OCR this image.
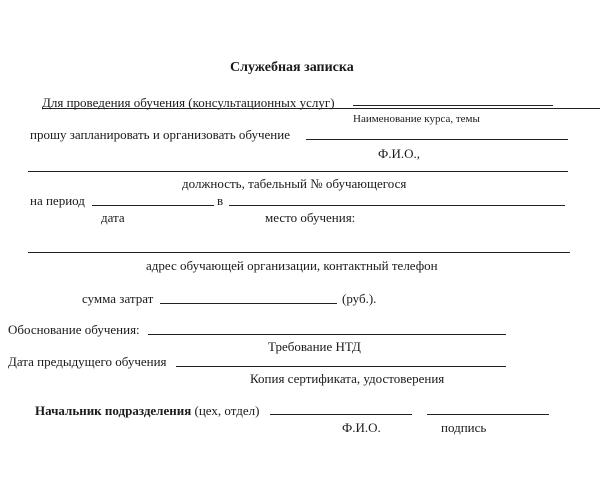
Служебная записка
Для проведения обучения (консультационных услуг)
Наименование курса, темы
прошу запланировать и организовать обучение
Ф.И.О.,
должность, табельный № обучающегося
на период	в
дата	место обучения:
адрес обучающей организации, контактный телефон
сумма затрат	(руб.).
Обоснование обучения:
Требование НТД
Дата предыдущего обучения
Копия сертификата, удостоверения
Начальник подразделения (цех, отдел)
Ф.И.О.	подпись
